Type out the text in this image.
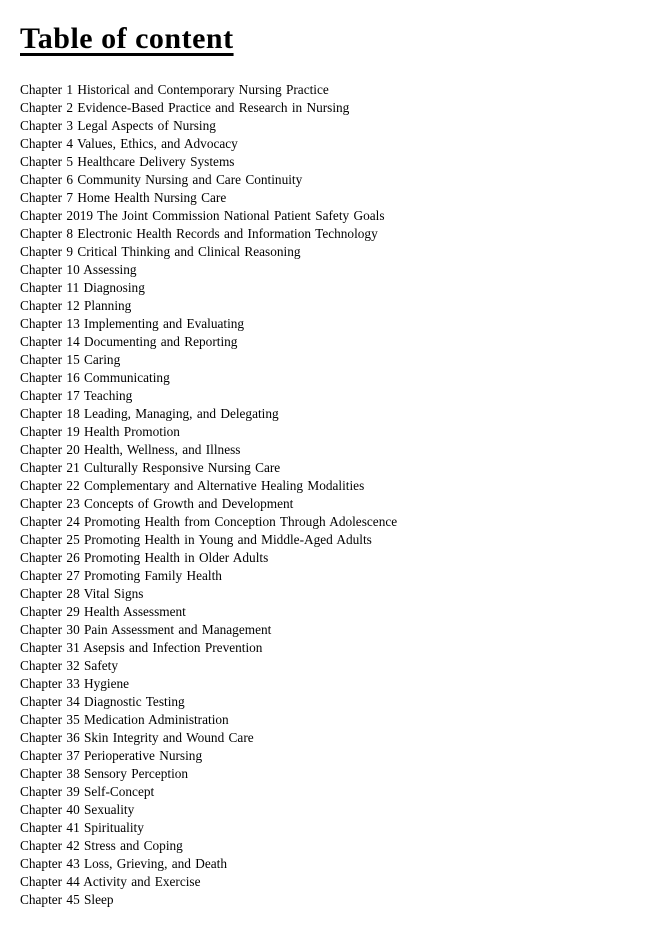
Table of content
Chapter 1 Historical and Contemporary Nursing Practice
Chapter 2 Evidence-Based Practice and Research in Nursing
Chapter 3 Legal Aspects of Nursing
Chapter 4 Values, Ethics, and Advocacy
Chapter 5 Healthcare Delivery Systems
Chapter 6 Community Nursing and Care Continuity
Chapter 7 Home Health Nursing Care
Chapter 2019 The Joint Commission National Patient Safety Goals
Chapter 8 Electronic Health Records and Information Technology
Chapter 9 Critical Thinking and Clinical Reasoning
Chapter 10 Assessing
Chapter 11 Diagnosing
Chapter 12 Planning
Chapter 13 Implementing and Evaluating
Chapter 14 Documenting and Reporting
Chapter 15 Caring
Chapter 16 Communicating
Chapter 17 Teaching
Chapter 18 Leading, Managing, and Delegating
Chapter 19 Health Promotion
Chapter 20 Health, Wellness, and Illness
Chapter 21 Culturally Responsive Nursing Care
Chapter 22 Complementary and Alternative Healing Modalities
Chapter 23 Concepts of Growth and Development
Chapter 24 Promoting Health from Conception Through Adolescence
Chapter 25 Promoting Health in Young and Middle-Aged Adults
Chapter 26 Promoting Health in Older Adults
Chapter 27 Promoting Family Health
Chapter 28 Vital Signs
Chapter 29 Health Assessment
Chapter 30 Pain Assessment and Management
Chapter 31 Asepsis and Infection Prevention
Chapter 32 Safety
Chapter 33 Hygiene
Chapter 34 Diagnostic Testing
Chapter 35 Medication Administration
Chapter 36 Skin Integrity and Wound Care
Chapter 37 Perioperative Nursing
Chapter 38 Sensory Perception
Chapter 39 Self-Concept
Chapter 40 Sexuality
Chapter 41 Spirituality
Chapter 42 Stress and Coping
Chapter 43 Loss, Grieving, and Death
Chapter 44 Activity and Exercise
Chapter 45 Sleep
